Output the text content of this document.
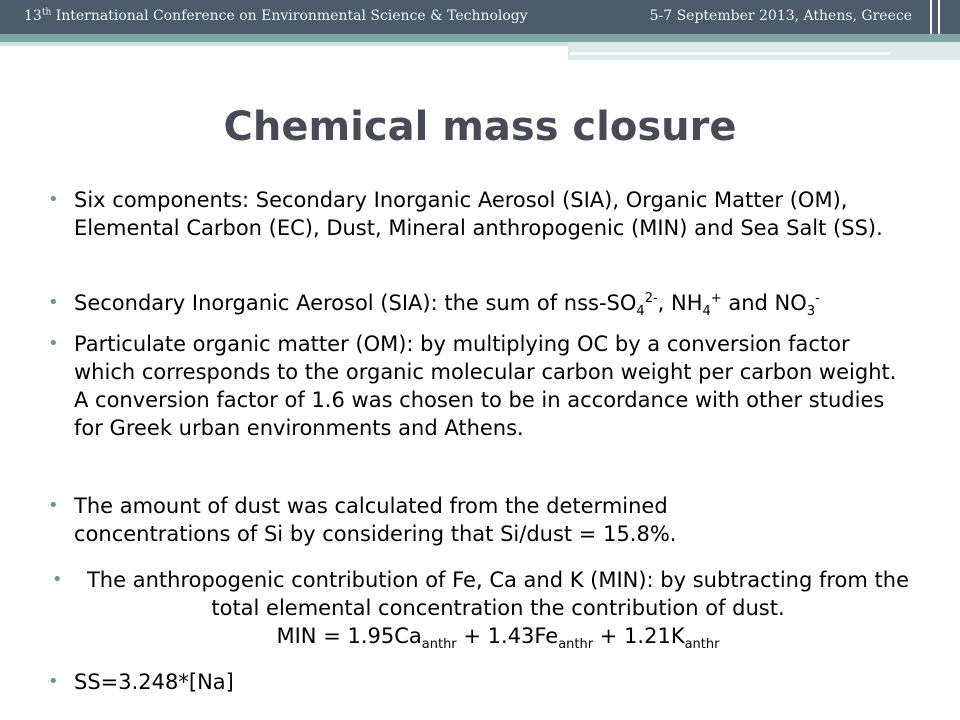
13th International Conference on Environmental Science & Technology	5-7 September 2013, Athens, Greece
Chemical mass closure
• Six components: Secondary Inorganic Aerosol (SIA), Organic Matter (OM), Elemental Carbon (EC), Dust, Mineral anthropogenic (MIN) and Sea Salt (SS).
• Secondary Inorganic Aerosol (SIA): the sum of nss-$SO_4^{2-}$, $NH_4^+$ and $NO_3^-$
• Particulate organic matter (OM): by multiplying OC by a conversion factor which corresponds to the organic molecular carbon weight per carbon weight. A conversion factor of 1.6 was chosen to be in accordance with other studies for Greek urban environments and Athens.
• The amount of dust was calculated from the determined concentrations of Si by considering that Si/dust = 15.8%.
• The anthropogenic contribution of Fe, Ca and K (MIN): by subtracting from the total elemental concentration the contribution of dust.
MIN = $1.95Ca_{anthr} + 1.43Fe_{anthr} + 1.21K_{anthr}$
• SS=3.248*[Na]
